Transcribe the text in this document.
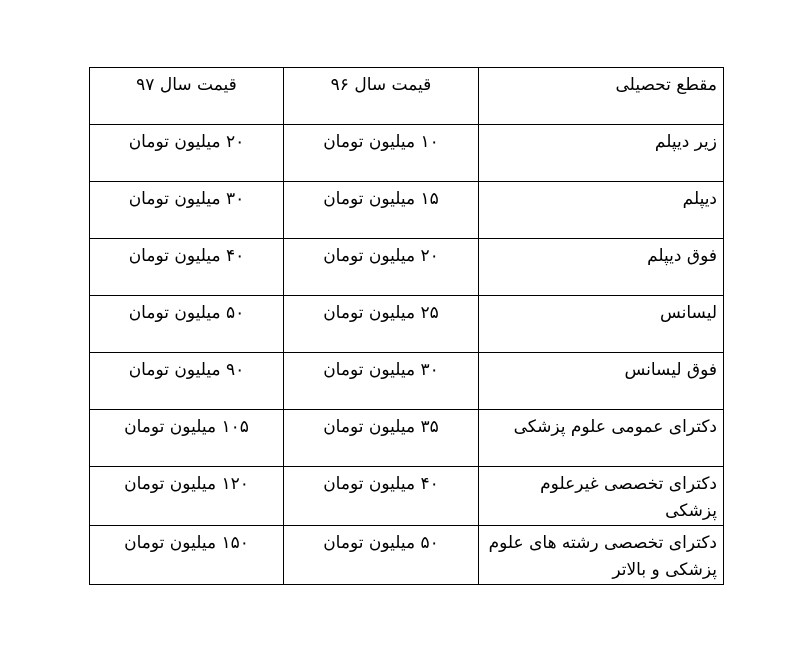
مقطع تحصیلی	قیمت سال ۹۶	قیمت سال ۹۷
زیر دیپلم	۱۰ میلیون تومان	۲۰ میلیون تومان
دیپلم	۱۵ میلیون تومان	۳۰ میلیون تومان
فوق دیپلم	۲۰ میلیون تومان	۴۰ میلیون تومان
لیسانس	۲۵ میلیون تومان	۵۰ میلیون تومان
فوق لیسانس	۳۰ میلیون تومان	۹۰ میلیون تومان
دکترای عمومی علوم پزشکی	۳۵ میلیون تومان	۱۰۵ میلیون تومان
دکترای تخصصی غیرعلوم پزشکی	۴۰ میلیون تومان	۱۲۰ میلیون تومان
دکترای تخصصی رشته های علوم پزشکی و بالاتر	۵۰ میلیون تومان	۱۵۰ میلیون تومان
